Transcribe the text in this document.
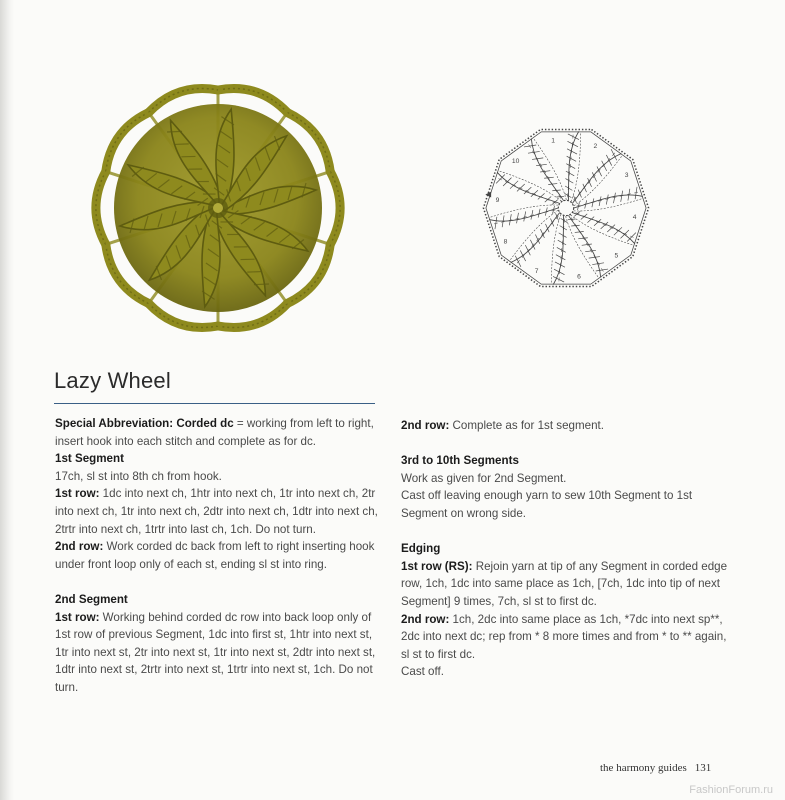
1
2
3
4
5
6
7
8
9
10
Lazy Wheel

Special Abbreviation: Corded dc = working from left to right, insert hook into each stitch and complete as for dc.

1st Segment

17ch, sl st into 8th ch from hook.

1st row: 1dc into next ch, 1htr into next ch, 1tr into next ch, 2tr into next ch, 1tr into next ch, 2dtr into next ch, 1dtr into next ch, 2trtr into next ch, 1trtr into last ch, 1ch. Do not turn.

2nd row: Work corded dc back from left to right inserting hook under front loop only of each st, ending sl st into ring.

2nd Segment

1st row: Working behind corded dc row into back loop only of 1st row of previous Segment, 1dc into first st, 1htr into next st, 1tr into next st, 2tr into next st, 1tr into next st, 2dtr into next st, 1dtr into next st, 2trtr into next st, 1trtr into next st, 1ch. Do not turn.

2nd row: Complete as for 1st segment.

3rd to 10th Segments

Work as given for 2nd Segment.

Cast off leaving enough yarn to sew 10th Segment to 1st Segment on wrong side.

Edging

1st row (RS): Rejoin yarn at tip of any Segment in corded edge row, 1ch, 1dc into same place as 1ch, [7ch, 1dc into tip of next Segment] 9 times, 7ch, sl st to first dc.

2nd row: 1ch, 2dc into same place as 1ch, *7dc into next sp**, 2dc into next dc; rep from * 8 more times and from * to ** again, sl st to first dc.

Cast off.

the harmony guides 131
FashionForum.ru
